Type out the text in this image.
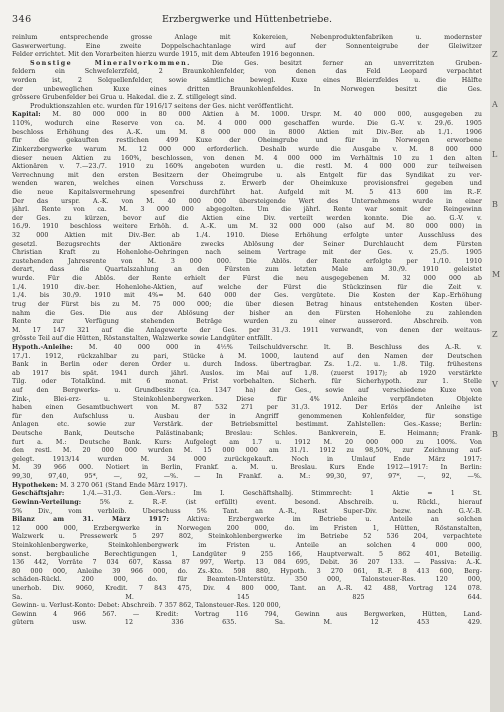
346	Erzbergwerke und Hüttenbetriebe.
reinlum entsprechende grosse Anlage mit Kokereien, Nebenproduktenfabriken u. modernster
Gaswerwertung. Eine zweite Doppelschachtanlage wird auf der Sonnenteigrube der Gleiwitzer
Felder errichtet. Mit den Vorarbeiten hierzu wurde 1915, mit dem Abteufen 1916 begonnen.
Sonstige Mineralvorkommen. Die Ges. besitzt ferner an unverritzten Gruben-
feldern ein Schwefelerzfeld, 2 Braunkohlenfelder, von denen das Feld Leopard verpachtet
worden ist, 2 Solquellenfelder, sowie sämtliche bewegl. Kuxe eines Bleierzfeldes u. die Hälfte
der unbeweglichen Kuxe eines dritten Braunkohlenfeldes. In Norwegen besitzt die Ges.
grössere Grubenfelder bei Grua u. Hakedal. die z. Z. stillgelegt sind.
Produktionszahlen etc. wurden für 1916/17 seitens der Ges. nicht veröffentlicht.
Kapital: M. 80 000 000 in 80 000 Aktien à M. 1000. Urspr. M. 40 000 000, ausgegeben zu
110%, wodurch eine Reserve von ca. M. 4 000 000 geschaffen wurde. Die G.-V. v. 29./6. 1905
beschloss Erhöhung des A.-K. um M. 8 000 000 in 8000 Aktien mit Div.-Ber. ab 1./1. 1906
für die gekauften restlichen 499 Kuxe der Oheimgrube und für in Norwegen erworbene
Zinkerzbergwerke warum M. 12 000 000 erforderlich. Deshalb wurde die Ausgabe v. M. 8 000 000
dieser neuen Aktien zu 160%, beschlossen, von denen M. 4 000 000 im Verhältnis 10 zu 1 den alten
Aktionären v. 7.—23./7. 1910 zu 160% angeboten wurden u. die restl. M. 4 000 000 zur teilweisen
Verrechnung mit den ersten Besitzern der Oheimgrube u. als Entgelt für das Syndikat zu ver-
wenden waren, welches einen Vorschuss z. Erwerb der Oheimkuxe provisionsfrei gegeben und
die neue Kapitalsvermehrung spesenfrei durchführt hat. Aufgeld mit M. 5 413 600 im R.-F.
Der das urspr. A.-K. von M. 40 000 000 übersteigende Wert des Unternehmens wurde in einer
jährl. Rente von ca. M. 3 000 000 abgegolten. Um die jährl. Rente war somit der Reingewinn
der Ges. zu kürzen, bevor auf die Aktien eine Div. verteilt werden konnte. Die ao. G.-V. v.
16./9. 1910 beschloss weitere Erhöh. d. A.-K. um M. 32 000 000 (also auf M. 80 000 000) in
32 000 Aktien mit Div.-Ber. ab 1./4. 1910. Diese Erhöhung erfolgte unter Ausschluss des
gesetzl. Bezugsrechts der Aktionäre zwecks Ablösung der Seiner Durchlaucht dem Fürsten
Christian Kraft zu Hohenlohe-Oehringen nach seinem Vertrage mit der Ges. v. 25./5. 1905
zustehenden Jahresrente von M. 3 000 000. Die Ablös. der Rente erfolgte per 1./10. 1910
derart, dass die Quartalszahlung an den Fürsten zum letzten Male am 30./9. 1910 geleistet
wurde. Für die Ablös. der Rente erhielt der Fürst die neu ausgegebenen M. 32 000 000 ab
1./4. 1910 div.-ber. Hohenlohe-Aktien, auf welche der Fürst die Stückzinsen für die Zeit v.
1./4. bis 30./9. 1910 mit 4%= M. 640 000 der Ges. vergütete. Die Kosten der Kap.-Erhöhung
trug der Fürst bis zu M. 75 000 000; die über diesen Betrag hinaus entstehenden Kosten über-
nahm die Ges. Die aus der Ablösung der bisher an den Fürsten Hohenlohe zu zahlenden
Rente zur Verfügung stehenden Beträge wurden zu einer ausserord. Abschreib. von
M. 17 147 321 auf die Anlagewerte der Ges. per 31./3. 1911 verwandt, von denen der weitaus-
grösste Teil auf die Hütten, Röstanstalten, Walzwerke sowie Landgüter entfällt.
Hypoth.-Anleihe: M. 40 000 000 in 4½% Teilschuldverschr. lt. B. Beschluss des A.-R. v.
17./1. 1912, rückzahlbar zu pari, Stücke à M. 1000, lautend auf den Namen der Deutschen
Bank in Berlin oder deren Order u. durch Indoss. übertragbar. Zs. 1./2. u. 1./8. Tilg. frühestens
ab 1917 bis spät. 1941 durch jährl. Auslos. im Mai auf 1./8. (zuerst 1917); ab 1920 verstärkte
Tilg. oder Totalkünd. mit 6 monat. Frist vorbehalten. Sicherh. für Sicherhypoth. zur 1. Stelle
auf den Bergwerks- u. Grundbesitz (ca. 1347 ha) der Ges., sowie auf verschiedene Kuxe von
Zink-, Blei-erz- u. Steinkohlenbergwerken. Diese für 4% Anleihe verpfändeten Objekte
haben einen Gesamtbuchwert von M. 87 532 271 per 31./3. 1912. Der Erlös der Anleihe ist
für den Aufschluss u. Ausbau der in Angriff genommenen Kohlenfelder, für sonstige
Anlagen etc. sowie zur Verstärk. der Betriebsmittel bestimmt. Zahlstellen: Ges.-Kasse; Berlin:
Deutsche Bank, Deutsche Palästinabank; Breslau: Schles. Bankverein, E. Heimann; Frank-
furt a. M.: Deutsche Bank. Kurs: Aufgelegt am 1.7 u. 1912 M. 20 000 000 zu 100%. Von
den restl. M. 20 000 000 wurden M. 15 000 000 am 31./1. 1912 zu 98,50%, zur Zeichnung auf-
gelegt. 1913/14 wurden M. 34 000 zurückgekauft. Noch in Umlauf Ende März 1917:
M. 39 966 000. Notiert in Berlin, Frankf. a. M. u. Breslau. Kurs Ende 1912—1917: In Berlin:
99,30, 97,40, 95*, —, 92, —%. — In Frankf. a. M.: 99,30, 97, 97*, —, 92, —%.
Hypotheken: M. 3 270 061 (Stand Ende März 1917).
Geschäftsjahr: 1./4.—31./3. Gen.-Vers.: Im I. Geschäftshalbj. Stimmrecht: 1 Aktie = 1 St.
Gewinn-Verteilung: 5% z. R.-F. (ist erfüllt) event. besond. Abschreib. u. Rückl., hierauf
5% Div., vom verbleib. Überschuss 5% Tant. an A.-R., Rest Super-Div. bezw. nach G.-V.-B.
Bilanz am 31. März 1917: Aktiva: Erzbergwerke im Betriebe u. Anteile an solchen
12 000 000, Erzbergwerke in Norwegen 200 000, do. im Fristen 1, Hütten, Röstanstalten,
Walzwerk u. Pressewerk 5 297 802, Steinkohlenbergwerke im Betriebe 52 536 204, verpachtete
Steinkohlenbergwerke, Steinkohlenbergwerk im Fristen u. Anteile an solchen 4 000 000,
sonst. bergbauliche Berechtigungen 1, Landgüter 9 255 166, Hauptverwalt. 5 862 401, Beteilig.
136 442, Vorräte 7 034 607, Kassa 87 997, Wertp. 13 084 695, Debit. 36 207 133. — Passiva: A.-K.
80 000 000, Anleihe 39 966 000, do. Zs.-Kto. 598 880, Hypoth. 3 270 061, R.-F. 8 413 600, Berg-
schäden-Rückl. 200 000, do. für Beamten-Unterstütz. 350 000, Talonsteuer-Res. 120 000,
unerhob. Div. 9060, Kredit. 7 843 475, Div. 4 800 000, Tant. an A.-R. 42 488, Vortrag 124 078.
Sa. M. 145 825 644.
Gewinn- u. Verlust-Konto: Debet: Abschreib. 7 357 862, Talonsteuer-Res. 120 000,
Gewinn 4 966 567. — Kredit: Vortrag 116 794, Gewinn aus Bergwerken, Hütten, Land-
gütern usw. 12 336 635. Sa. M. 12 453 429.
Z
A
L
B
M
Z
V
B
